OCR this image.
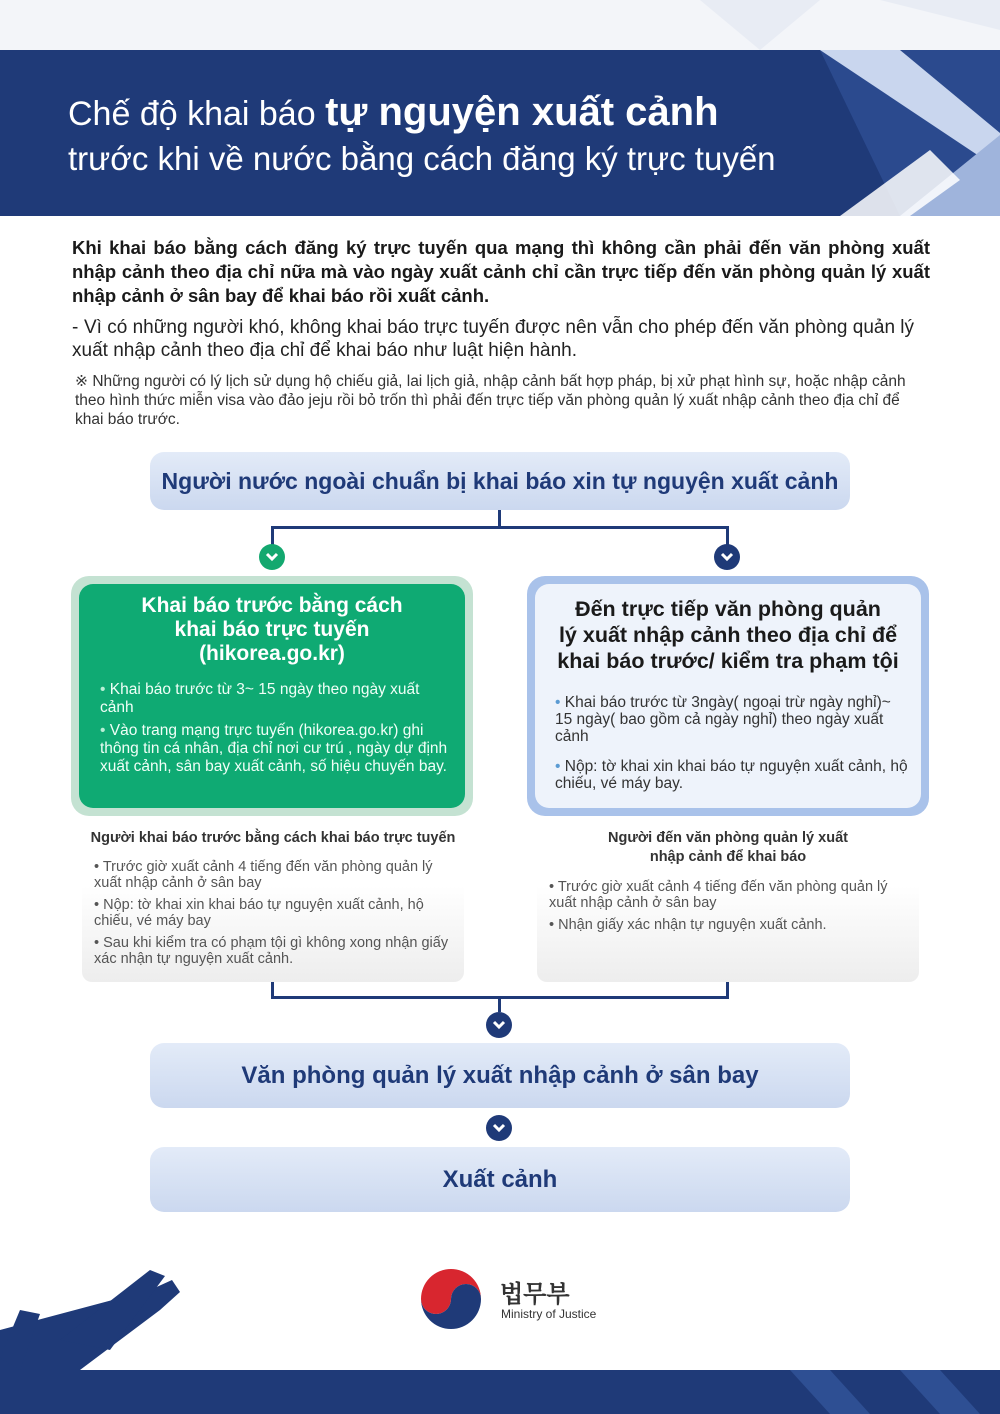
Chế độ khai báo tự nguyện xuất cảnh
trước khi về nước bằng cách đăng ký trực tuyến
Khi khai báo bằng cách đăng ký trực tuyến qua mạng thì không cần phải đến văn phòng xuất nhập cảnh theo địa chỉ nữa mà vào ngày xuất cảnh chỉ cần trực tiếp đến văn phòng quản lý xuất nhập cảnh ở sân bay để khai báo rồi xuất cảnh.
- Vì có những người khó, không khai báo trực tuyến được nên vẫn cho phép đến văn phòng quản lý xuất nhập cảnh theo địa chỉ để khai báo như luật hiện hành.
※ Những người có lý lịch sử dụng hộ chiếu giả, lai lịch giả, nhập cảnh bất hợp pháp, bị xử phạt hình sự, hoặc nhập cảnh theo hình thức miễn visa vào đảo jeju rồi bỏ trốn thì phải đến trực tiếp văn phòng quản lý xuất nhập cảnh theo địa chỉ để khai báo trước.
Người nước ngoài chuẩn bị khai báo xin tự nguyện xuất cảnh
Khai báo trước bằng cách
khai báo trực tuyến
(hikorea.go.kr)
• Khai báo trước từ 3~ 15 ngày theo ngày xuất cảnh
• Vào trang mạng trực tuyến (hikorea.go.kr) ghi thông tin cá nhân, địa chỉ nơi cư trú , ngày dự định xuất cảnh, sân bay xuất cảnh, số hiệu chuyến bay.
Đến trực tiếp văn phòng quản
lý xuất nhập cảnh theo địa chỉ để
khai báo trước/ kiểm tra phạm tội
• Khai báo trước từ 3ngày( ngoại trừ ngày nghỉ)~ 15 ngày( bao gồm cả ngày nghỉ) theo ngày xuất cảnh
• Nộp: tờ khai xin khai báo tự nguyện xuất cảnh, hộ chiếu, vé máy bay.
Người khai báo trước bằng cách khai báo trực tuyến
• Trước giờ xuất cảnh 4 tiếng đến văn phòng quản lý xuất nhập cảnh ở sân bay
• Nộp: tờ khai xin khai báo tự nguyện xuất cảnh, hộ chiếu, vé máy bay
• Sau khi kiểm tra có phạm tội gì không xong nhận giấy xác nhận tự nguyện xuất cảnh.
Người đến văn phòng quản lý xuất
nhập cảnh để khai báo
• Trước giờ xuất cảnh 4 tiếng đến văn phòng quản lý xuất nhập cảnh ở sân bay
• Nhận giấy xác nhận tự nguyện xuất cảnh.
Văn phòng quản lý xuất nhập cảnh ở sân bay
Xuất cảnh
법무부
Ministry of Justice
